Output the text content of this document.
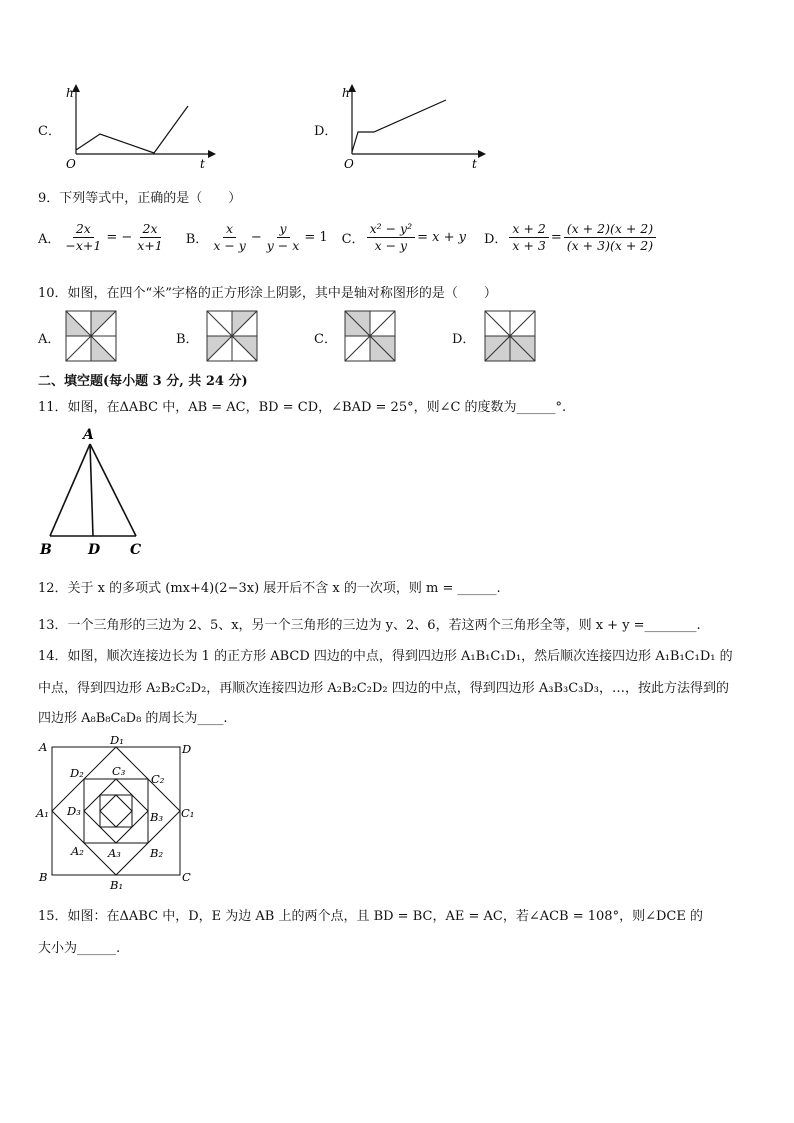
C．
h
t
O
D．
h
t
O
9．下列等式中，正确的是（　　）
A． $\frac{2x}{-x+1}$ = − $\frac{2x}{x+1}$ B． $\frac{x}{x - y} - \frac{y}{y - x} = 1$ C． $\frac{\text{x² − y²}}{x - y} = x + y$ D． $\frac{x + 2}{x + 3} = \frac{(x + 2)(x + 2)}{(x + 3)(x + 2)}$
10．如图，在四个“米”字格的正方形涂上阴影，其中是轴对称图形的是（　　）
A．	B．	C．	D．
二、填空题(每小题 3 分, 共 24 分)
11．如图，在ΔABC 中，AB = AC，BD = CD，∠BAD = 25°，则∠C 的度数为______°.
A
B	D C
12．关于 x 的多项式 (mx+4)(2−3x) 展开后不含 x 的一次项，则 m = ______.
13．一个三角形的三边为 2、5、x，另一个三角形的三边为 y、2、6，若这两个三角形全等，则 x + y =________.
14．如图，顺次连接边长为 1 的正方形 ABCD 四边的中点，得到四边形 A₁B₁C₁D₁，然后顺次连接四边形 A₁B₁C₁D₁ 的
中点，得到四边形 A₂B₂C₂D₂，再顺次连接四边形 A₂B₂C₂D₂ 四边的中点，得到四边形 A₃B₃C₃D₃，…，按此方法得到的
四边形 A₈B₈C₈D₈ 的周长为____.
A	D
B	C
D₁
A₁	C₁
B₁
D₂	C₂
A₂	B₂
C₃
D₃	B₃
A₃
15．如图：在ΔABC 中，D，E 为边 AB 上的两个点，且 BD = BC，AE = AC，若∠ACB = 108°，则∠DCE 的
大小为______.
